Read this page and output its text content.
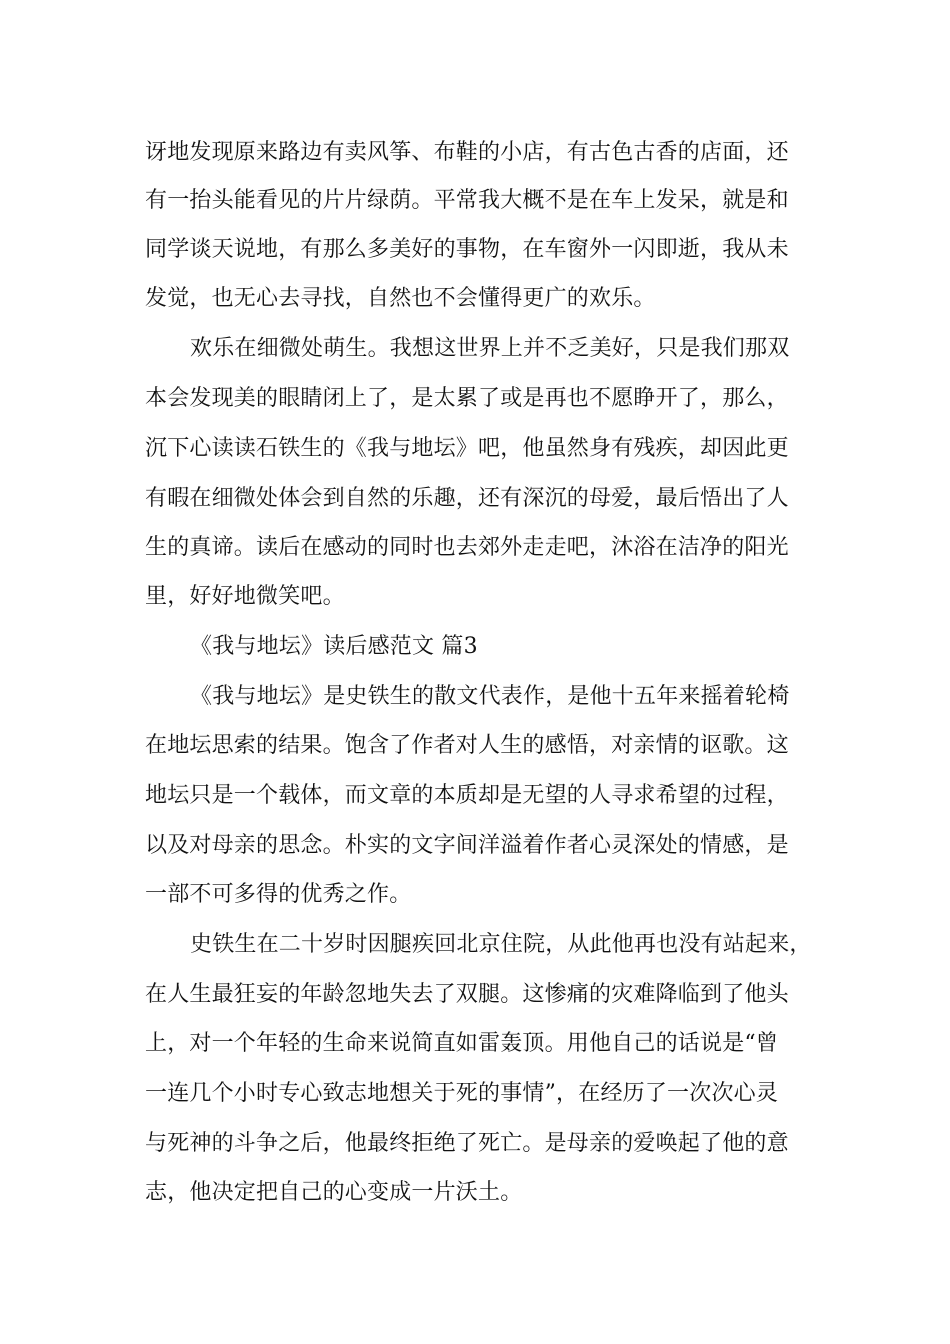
讶地发现原来路边有卖风筝、布鞋的小店，有古色古香的店面，还
有一抬头能看见的片片绿荫。平常我大概不是在车上发呆，就是和
同学谈天说地，有那么多美好的事物，在车窗外一闪即逝，我从未
发觉，也无心去寻找，自然也不会懂得更广的欢乐。
欢乐在细微处萌生。我想这世界上并不乏美好，只是我们那双
本会发现美的眼睛闭上了，是太累了或是再也不愿睁开了，那么，
沉下心读读石铁生的《我与地坛》吧，他虽然身有残疾，却因此更
有暇在细微处体会到自然的乐趣，还有深沉的母爱，最后悟出了人
生的真谛。读后在感动的同时也去郊外走走吧，沐浴在洁净的阳光
里，好好地微笑吧。
《我与地坛》读后感范文 篇3
《我与地坛》是史铁生的散文代表作，是他十五年来摇着轮椅
在地坛思索的结果。饱含了作者对人生的感悟，对亲情的讴歌。这
地坛只是一个载体，而文章的本质却是无望的人寻求希望的过程，
以及对母亲的思念。朴实的文字间洋溢着作者心灵深处的情感，是
一部不可多得的优秀之作。
史铁生在二十岁时因腿疾回北京住院，从此他再也没有站起来，
在人生最狂妄的年龄忽地失去了双腿。这惨痛的灾难降临到了他头
上，对一个年轻的生命来说简直如雷轰顶。用他自己的话说是“曾
一连几个小时专心致志地想关于死的事情”，在经历了一次次心灵
与死神的斗争之后，他最终拒绝了死亡。是母亲的爱唤起了他的意
志，他决定把自己的心变成一片沃土。
